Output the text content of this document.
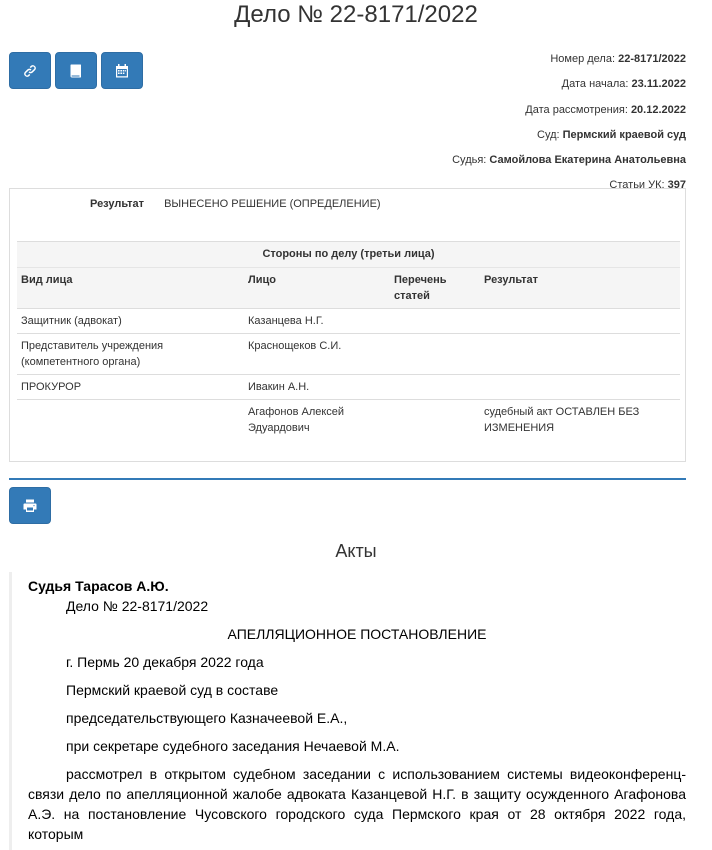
Дело № 22-8171/2022
Номер дела: 22-8171/2022
Дата начала: 23.11.2022
Дата рассмотрения: 20.12.2022
Суд: Пермский краевой суд
Судья: Самойлова Екатерина Анатольевна
Статьи УК: 397
Результат ВЫНЕСЕНО РЕШЕНИЕ (ОПРЕДЕЛЕНИЕ)
Стороны по делу (третьи лица)			
Вид лица	Лицо	Перечень статей	Результат
Защитник (адвокат)	Казанцева Н.Г.		
Представитель учреждения (компетентного органа)	Краснощеков С.И.		
ПРОКУРОР	Ивакин А.Н.		
	Агафонов Алексей Эдуардович		судебный акт ОСТАВЛЕН БЕЗ ИЗМЕНЕНИЯ
Акты

Судья Тарасов А.Ю.

Дело № 22-8171/2022

АПЕЛЛЯЦИОННОЕ ПОСТАНОВЛЕНИЕ

г. Пермь 20 декабря 2022 года

Пермский краевой суд в составе

председательствующего Казначеевой Е.А.,

при секретаре судебного заседания Нечаевой М.А.

рассмотрел в открытом судебном заседании с использованием системы видеоконференц-связи дело по апелляционной жалобе адвоката Казанцевой Н.Г. в защиту осужденного Агафонова А.Э. на постановление Чусовского городского суда Пермского края от 28 октября 2022 года, которым
